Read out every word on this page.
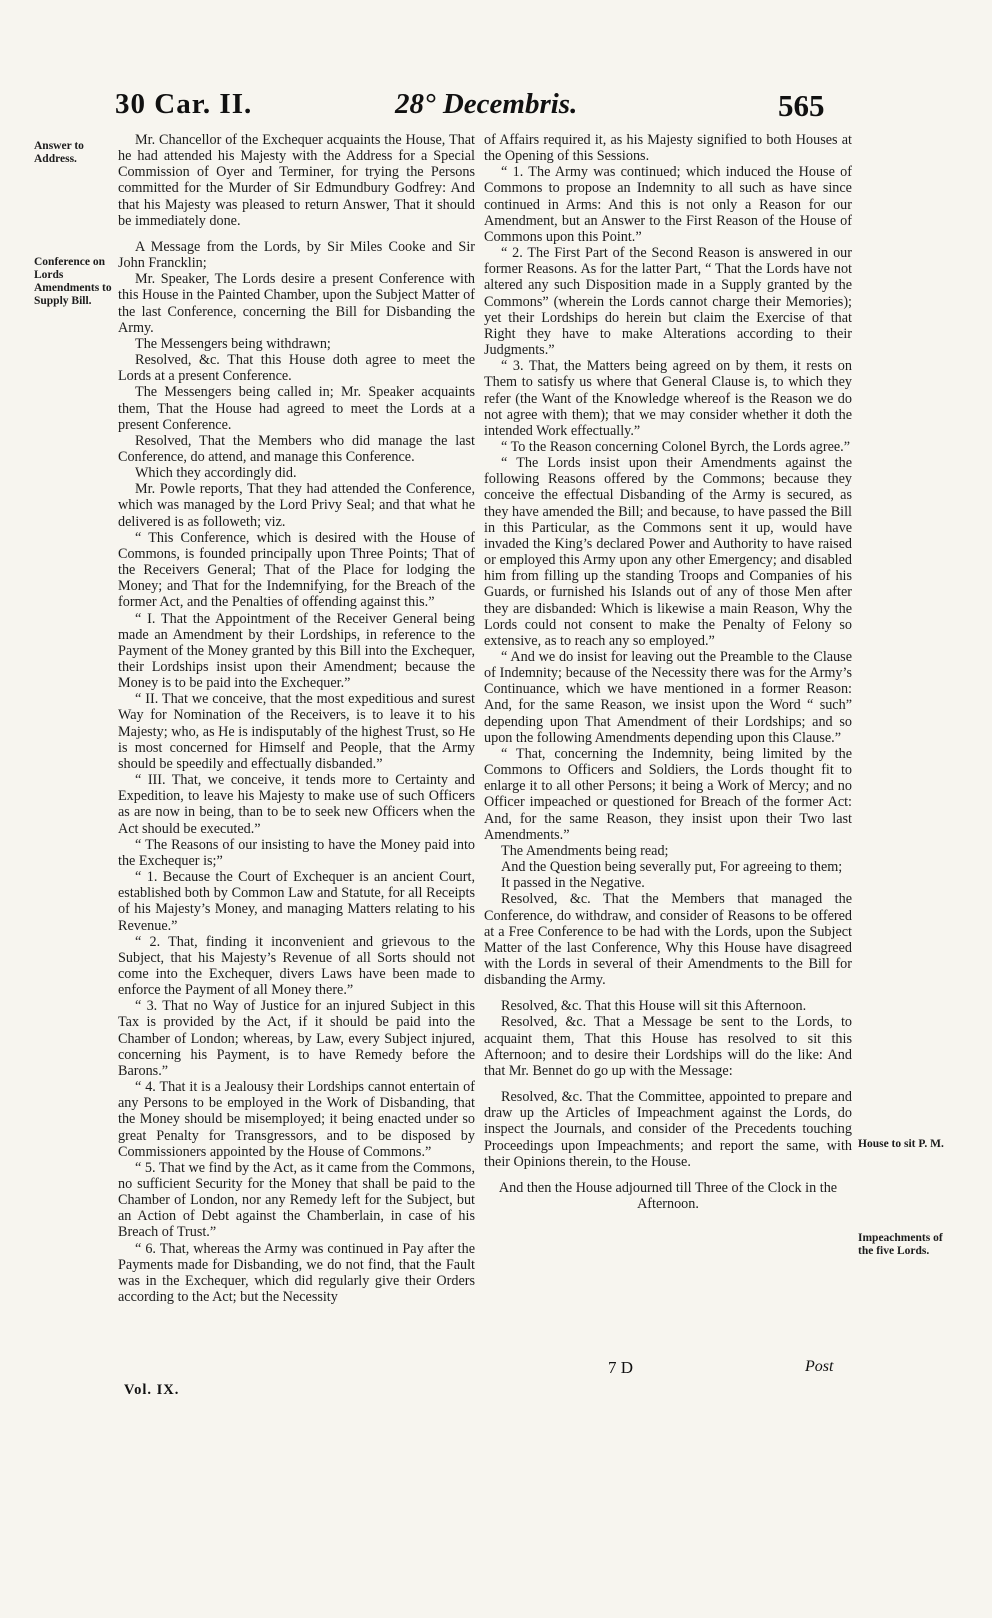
30 Car. II.	28° Decembris.	565
Answer to Address.
Conference on Lords Amendments to Supply Bill.
House to sit P. M.
Impeachments of the five Lords.

Mr. Chancellor of the Exchequer acquaints the House, That he had attended his Majesty with the Address for a Special Commission of Oyer and Terminer, for trying the Persons committed for the Murder of Sir Edmundbury Godfrey: And that his Majesty was pleased to return Answer, That it should be immediately done.

A Message from the Lords, by Sir Miles Cooke and Sir John Francklin;

Mr. Speaker, The Lords desire a present Conference with this House in the Painted Chamber, upon the Subject Matter of the last Conference, concerning the Bill for Disbanding the Army.

The Messengers being withdrawn;

Resolved, &c. That this House doth agree to meet the Lords at a present Conference.

The Messengers being called in; Mr. Speaker acquaints them, That the House had agreed to meet the Lords at a present Conference.

Resolved, That the Members who did manage the last Conference, do attend, and manage this Conference.

Which they accordingly did.

Mr. Powle reports, That they had attended the Conference, which was managed by the Lord Privy Seal; and that what he delivered is as followeth; viz.

“ This Conference, which is desired with the House of Commons, is founded principally upon Three Points; That of the Receivers General; That of the Place for lodging the Money; and That for the Indemnifying, for the Breach of the former Act, and the Penalties of offending against this.”

“ I. That the Appointment of the Receiver General being made an Amendment by their Lordships, in reference to the Payment of the Money granted by this Bill into the Exchequer, their Lordships insist upon their Amendment; because the Money is to be paid into the Exchequer.”

“ II. That we conceive, that the most expeditious and surest Way for Nomination of the Receivers, is to leave it to his Majesty; who, as He is indisputably of the highest Trust, so He is most concerned for Himself and People, that the Army should be speedily and effectually disbanded.”

“ III. That, we conceive, it tends more to Certainty and Expedition, to leave his Majesty to make use of such Officers as are now in being, than to be to seek new Officers when the Act should be executed.”

“ The Reasons of our insisting to have the Money paid into the Exchequer is;”

“ 1. Because the Court of Exchequer is an ancient Court, established both by Common Law and Statute, for all Receipts of his Majesty’s Money, and managing Matters relating to his Revenue.”

“ 2. That, finding it inconvenient and grievous to the Subject, that his Majesty’s Revenue of all Sorts should not come into the Exchequer, divers Laws have been made to enforce the Payment of all Money there.”

“ 3. That no Way of Justice for an injured Subject in this Tax is provided by the Act, if it should be paid into the Chamber of London; whereas, by Law, every Subject injured, concerning his Payment, is to have Remedy before the Barons.”

“ 4. That it is a Jealousy their Lordships cannot entertain of any Persons to be employed in the Work of Disbanding, that the Money should be misemployed; it being enacted under so great Penalty for Transgressors, and to be disposed by Commissioners appointed by the House of Commons.”

“ 5. That we find by the Act, as it came from the Commons, no sufficient Security for the Money that shall be paid to the Chamber of London, nor any Remedy left for the Subject, but an Action of Debt against the Chamberlain, in case of his Breach of Trust.”

“ 6. That, whereas the Army was continued in Pay after the Payments made for Disbanding, we do not find, that the Fault was in the Exchequer, which did regularly give their Orders according to the Act; but the Necessity

of Affairs required it, as his Majesty signified to both Houses at the Opening of this Sessions.

“ 1. The Army was continued; which induced the House of Commons to propose an Indemnity to all such as have since continued in Arms: And this is not only a Reason for our Amendment, but an Answer to the First Reason of the House of Commons upon this Point.”

“ 2. The First Part of the Second Reason is answered in our former Reasons. As for the latter Part, “ That the Lords have not altered any such Disposition made in a Supply granted by the Commons” (wherein the Lords cannot charge their Memories); yet their Lordships do herein but claim the Exercise of that Right they have to make Alterations according to their Judgments.”

“ 3. That, the Matters being agreed on by them, it rests on Them to satisfy us where that General Clause is, to which they refer (the Want of the Knowledge whereof is the Reason we do not agree with them); that we may consider whether it doth the intended Work effectually.”

“ To the Reason concerning Colonel Byrch, the Lords agree.”

“ The Lords insist upon their Amendments against the following Reasons offered by the Commons; because they conceive the effectual Disbanding of the Army is secured, as they have amended the Bill; and because, to have passed the Bill in this Particular, as the Commons sent it up, would have invaded the King’s declared Power and Authority to have raised or employed this Army upon any other Emergency; and disabled him from filling up the standing Troops and Companies of his Guards, or furnished his Islands out of any of those Men after they are disbanded: Which is likewise a main Reason, Why the Lords could not consent to make the Penalty of Felony so extensive, as to reach any so employed.”

“ And we do insist for leaving out the Preamble to the Clause of Indemnity; because of the Necessity there was for the Army’s Continuance, which we have mentioned in a former Reason: And, for the same Reason, we insist upon the Word “ such” depending upon That Amendment of their Lordships; and so upon the following Amendments depending upon this Clause.”

“ That, concerning the Indemnity, being limited by the Commons to Officers and Soldiers, the Lords thought fit to enlarge it to all other Persons; it being a Work of Mercy; and no Officer impeached or questioned for Breach of the former Act: And, for the same Reason, they insist upon their Two last Amendments.”

The Amendments being read;

And the Question being severally put, For agreeing to them;

It passed in the Negative.

Resolved, &c. That the Members that managed the Conference, do withdraw, and consider of Reasons to be offered at a Free Conference to be had with the Lords, upon the Subject Matter of the last Conference, Why this House have disagreed with the Lords in several of their Amendments to the Bill for disbanding the Army.

Resolved, &c. That this House will sit this Afternoon.

Resolved, &c. That a Message be sent to the Lords, to acquaint them, That this House has resolved to sit this Afternoon; and to desire their Lordships will do the like: And that Mr. Bennet do go up with the Message:

Resolved, &c. That the Committee, appointed to prepare and draw up the Articles of Impeachment against the Lords, do inspect the Journals, and consider of the Precedents touching Proceedings upon Impeachments; and report the same, with their Opinions therein, to the House.

And then the House adjourned till Three of the Clock in the Afternoon.

Vol. IX.
7 D	Post
